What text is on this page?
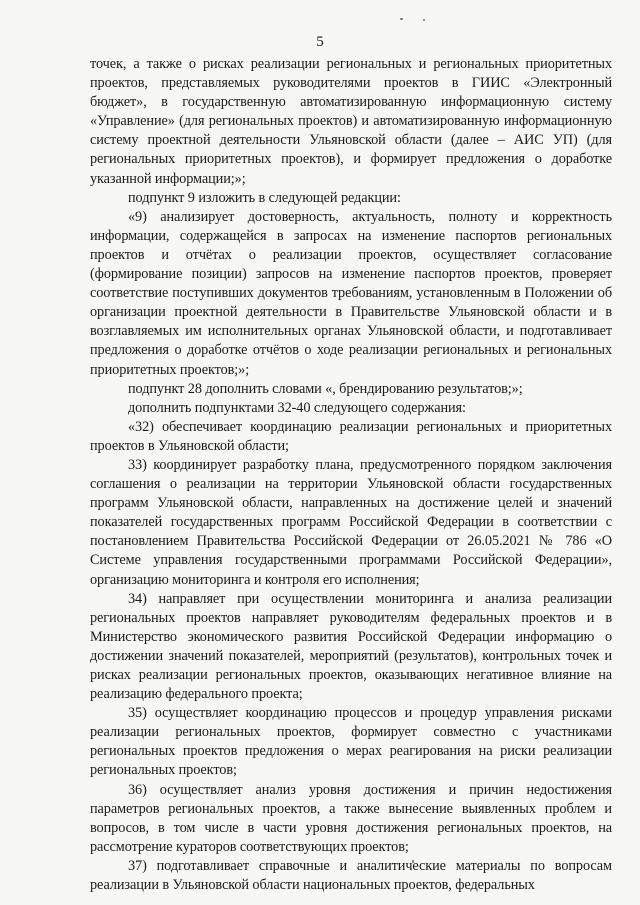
5

точек, а также о рисках реализации региональных и региональных приоритетных проектов, представляемых руководителями проектов в ГИИС «Электронный бюджет», в государственную автоматизированную информационную систему «Управление» (для региональных проектов) и автоматизированную информационную систему проектной деятельности Ульяновской области (далее – АИС УП) (для региональных приоритетных проектов), и формирует предложения о доработке указанной информации;»;

подпункт 9 изложить в следующей редакции:

«9) анализирует достоверность, актуальность, полноту и корректность информации, содержащейся в запросах на изменение паспортов региональных проектов и отчётах о реализации проектов, осуществляет согласование (формирование позиции) запросов на изменение паспортов проектов, проверяет соответствие поступивших документов требованиям, установленным в Положении об организации проектной деятельности в Правительстве Ульяновской области и в возглавляемых им исполнительных органах Ульяновской области, и подготавливает предложения о доработке отчётов о ходе реализации региональных и региональных приоритетных проектов;»;

подпункт 28 дополнить словами «, брендированию результатов;»;

дополнить подпунктами 32-40 следующего содержания:

«32) обеспечивает координацию реализации региональных и приоритетных проектов в Ульяновской области;

33) координирует разработку плана, предусмотренного порядком заключения соглашения о реализации на территории Ульяновской области государственных программ Ульяновской области, направленных на достижение целей и значений показателей государственных программ Российской Федерации в соответствии с постановлением Правительства Российской Федерации от 26.05.2021 № 786 «О Системе управления государственными программами Российской Федерации», организацию мониторинга и контроля его исполнения;

34) направляет при осуществлении мониторинга и анализа реализации региональных проектов направляет руководителям федеральных проектов и в Министерство экономического развития Российской Федерации информацию о достижении значений показателей, мероприятий (результатов), контрольных точек и рисках реализации региональных проектов, оказывающих негативное влияние на реализацию федерального проекта;

35) осуществляет координацию процессов и процедур управления рисками реализации региональных проектов, формирует совместно с участниками региональных проектов предложения о мерах реагирования на риски реализации региональных проектов;

36) осуществляет анализ уровня достижения и причин недостижения параметров региональных проектов, а также вынесение выявленных проблем и вопросов, в том числе в части уровня достижения региональных проектов, на рассмотрение кураторов соответствующих проектов;

37) подготавливает справочные и аналитические материалы по вопросам реализации в Ульяновской области национальных проектов, федеральных
